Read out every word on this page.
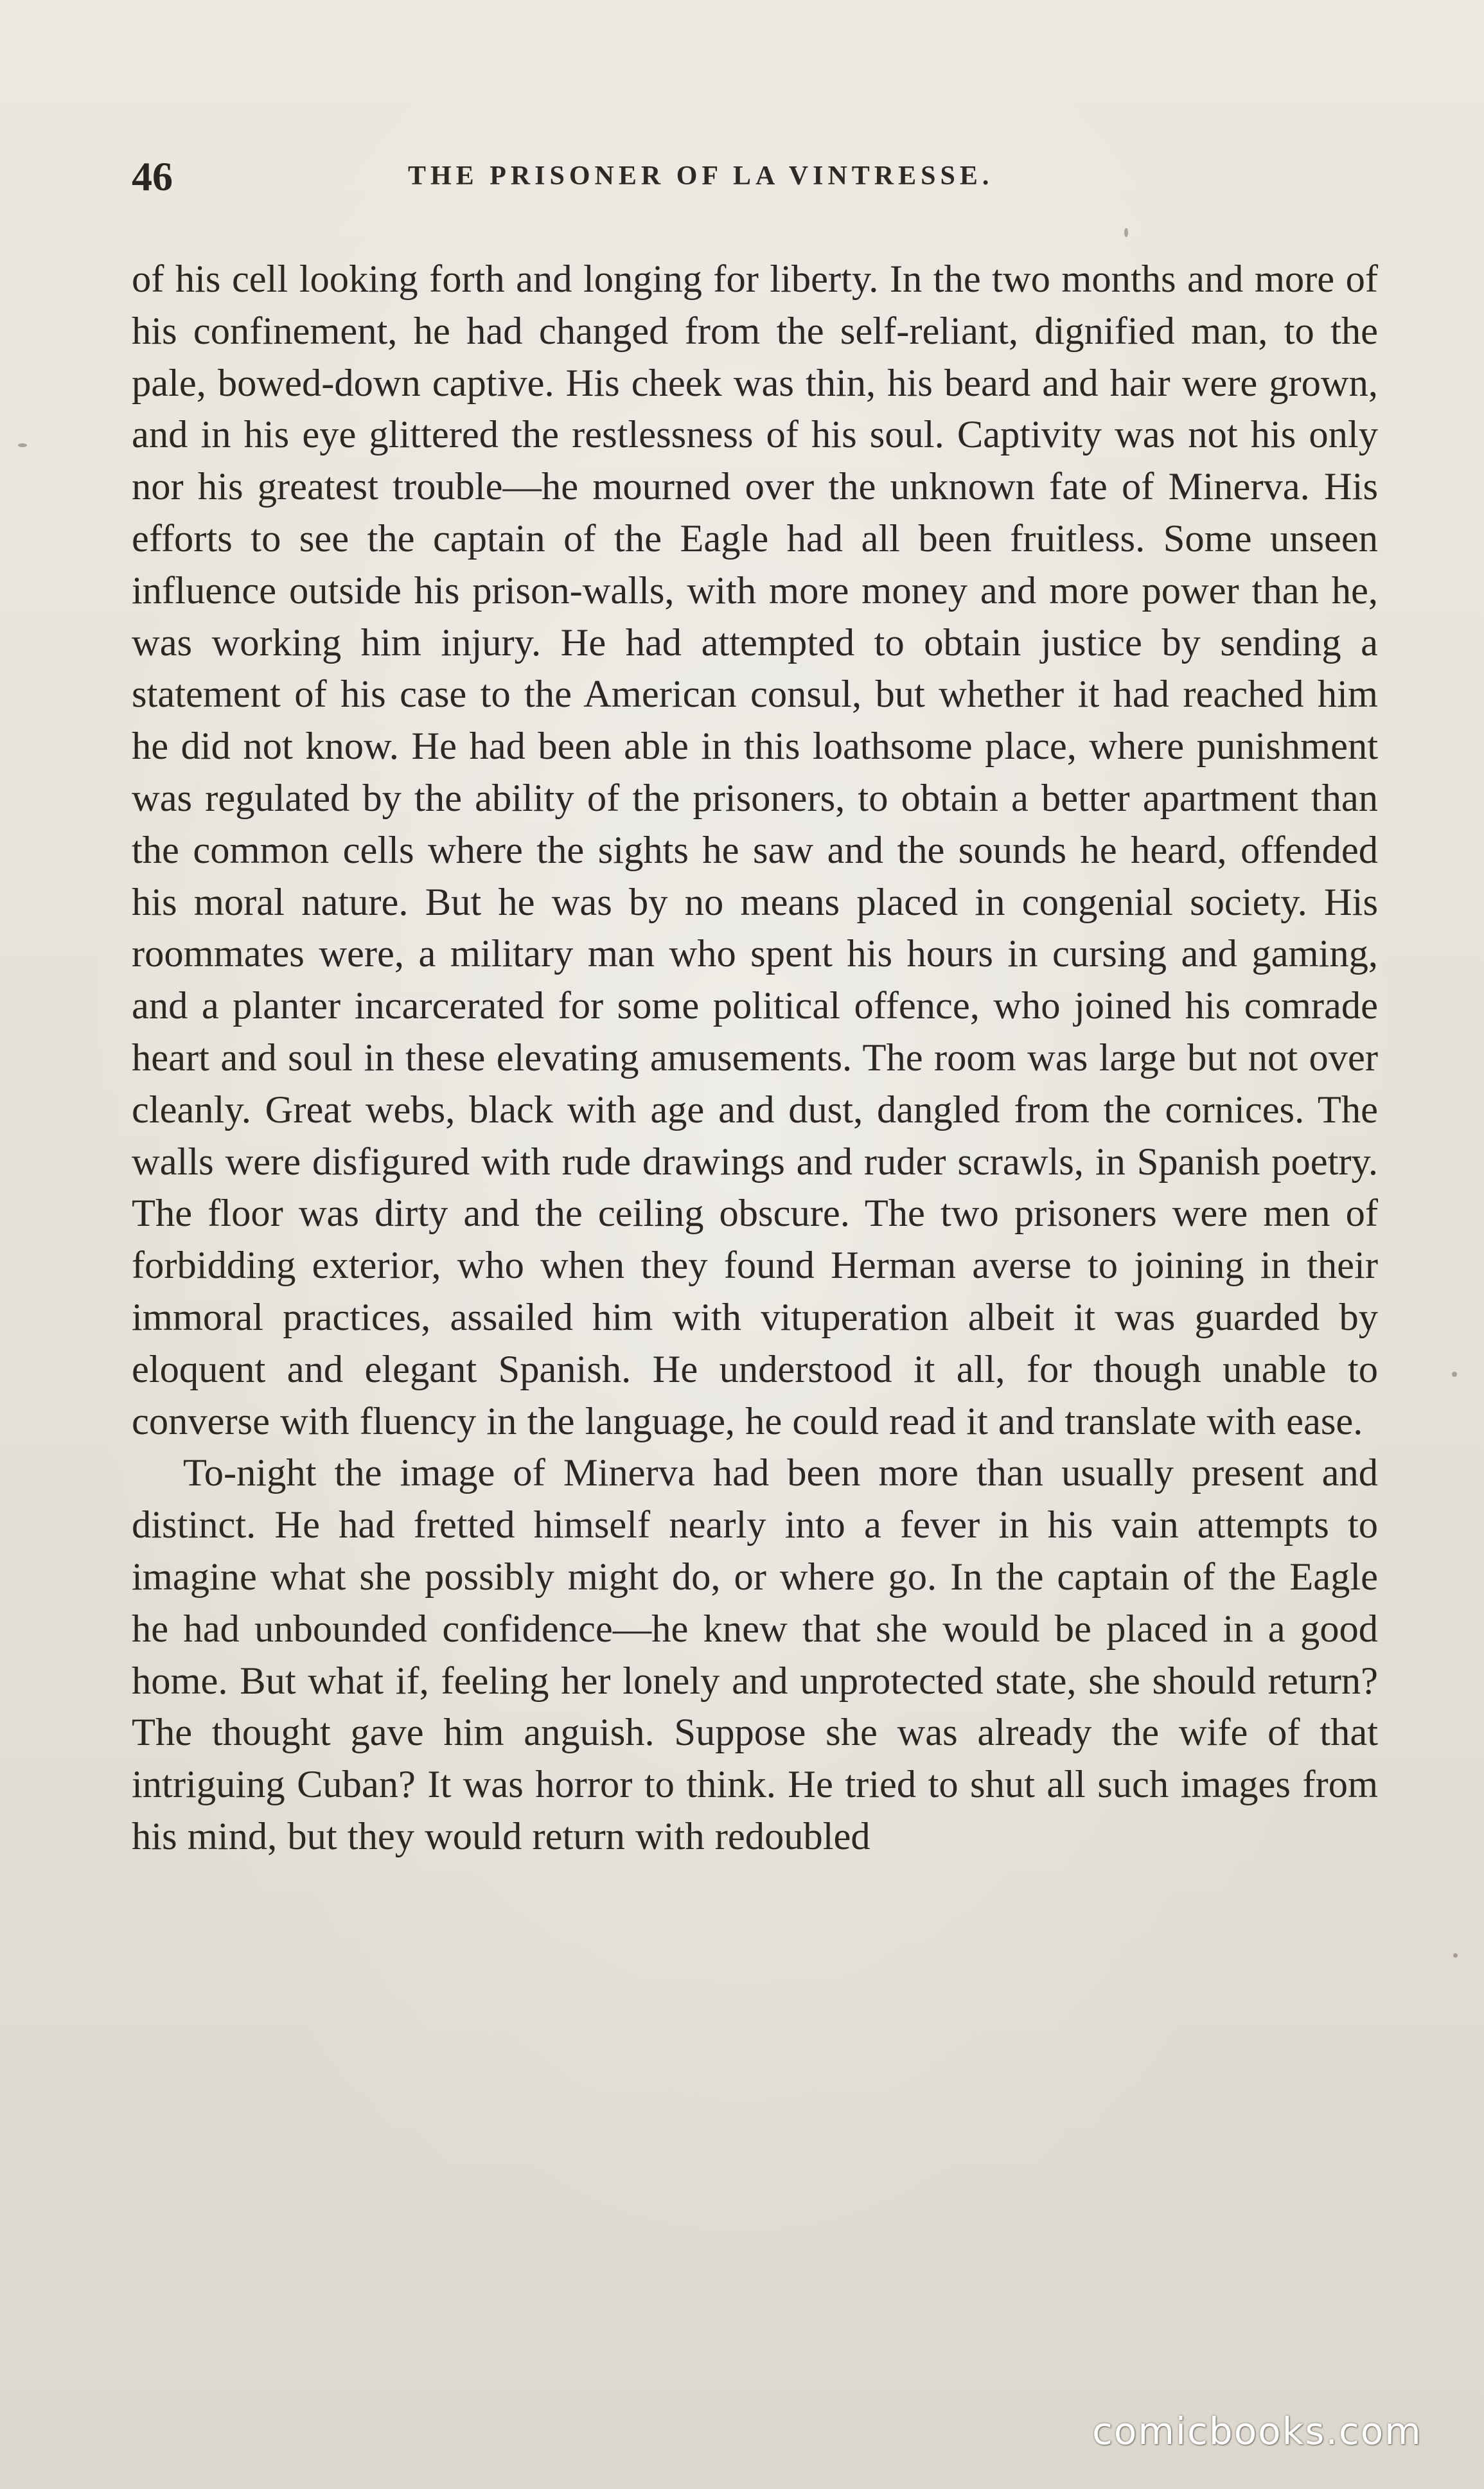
46	THE PRISONER OF LA VINTRESSE.

of his cell looking forth and longing for liberty. In the two months and more of his confinement, he had changed from the self-reliant, dignified man, to the pale, bowed-down captive. His cheek was thin, his beard and hair were grown, and in his eye glittered the restlessness of his soul. Captivity was not his only nor his greatest trouble—he mourned over the unknown fate of Minerva. His efforts to see the captain of the Eagle had all been fruitless. Some unseen influence outside his prison-walls, with more money and more power than he, was working him injury. He had attempted to obtain justice by sending a statement of his case to the American consul, but whether it had reached him he did not know. He had been able in this loathsome place, where punishment was regulated by the ability of the prisoners, to obtain a better apartment than the common cells where the sights he saw and the sounds he heard, offended his moral nature. But he was by no means placed in congenial society. His roommates were, a military man who spent his hours in cursing and gaming, and a planter incarcerated for some political offence, who joined his comrade heart and soul in these elevating amusements. The room was large but not over cleanly. Great webs, black with age and dust, dangled from the cornices. The walls were disfigured with rude drawings and ruder scrawls, in Spanish poetry. The floor was dirty and the ceiling obscure. The two prisoners were men of forbidding exterior, who when they found Herman averse to joining in their immoral practices, assailed him with vituperation albeit it was guarded by eloquent and elegant Spanish. He understood it all, for though unable to converse with fluency in the language, he could read it and translate with ease.

To-night the image of Minerva had been more than usually present and distinct. He had fretted himself nearly into a fever in his vain attempts to imagine what she possibly might do, or where go. In the captain of the Eagle he had unbounded confidence—he knew that she would be placed in a good home. But what if, feeling her lonely and unprotected state, she should return? The thought gave him anguish. Suppose she was already the wife of that intriguing Cuban? It was horror to think. He tried to shut all such images from his mind, but they would return with redoubled

comicbooks.com
